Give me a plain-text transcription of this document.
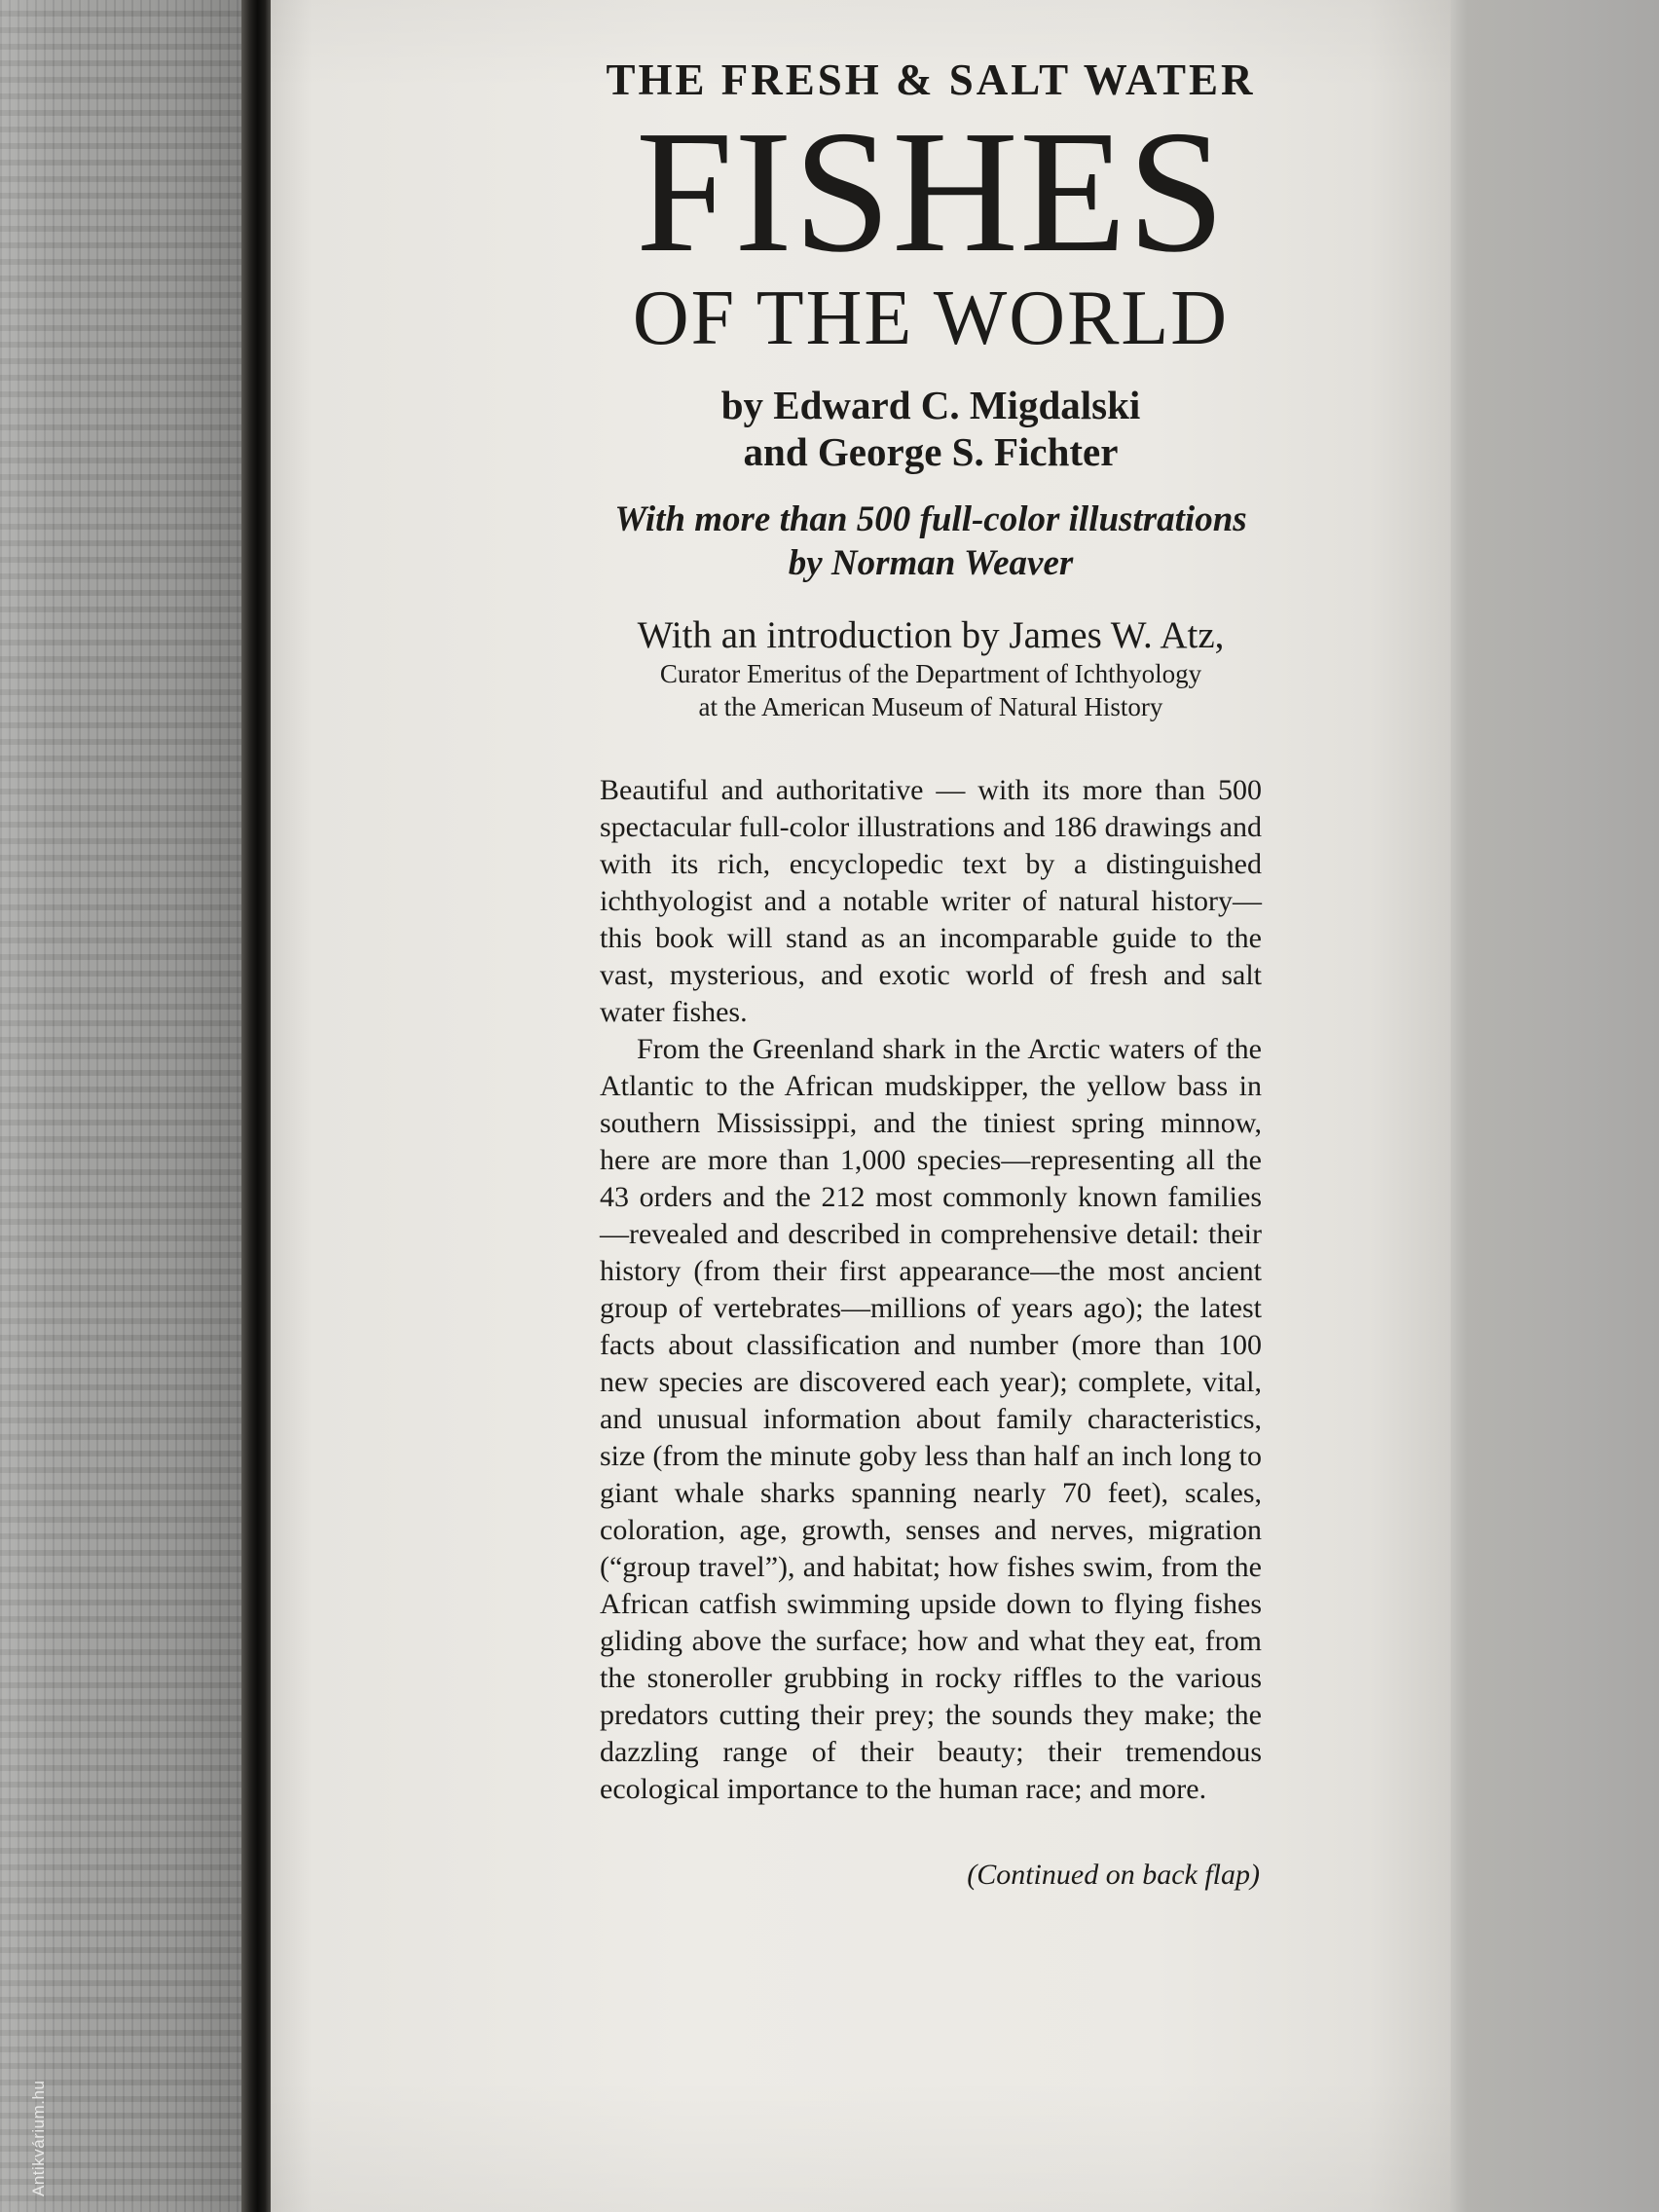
THE FRESH & SALT WATER
FISHES
OF THE WORLD
by Edward C. Migdalski
and George S. Fichter
With more than 500 full-color illustrations
by Norman Weaver
With an introduction by James W. Atz,
Curator Emeritus of the Department of Ichthyology
at the American Museum of Natural History

Beautiful and authoritative — with its more than 500 spectacular full-color illustrations and 186 drawings and with its rich, encyclopedic text by a distinguished ichthyologist and a notable writer of natural history—this book will stand as an incomparable guide to the vast, mysterious, and exotic world of fresh and salt water fishes.

From the Greenland shark in the Arctic waters of the Atlantic to the African mudskipper, the yellow bass in southern Mississippi, and the tiniest spring minnow, here are more than 1,000 species—representing all the 43 orders and the 212 most commonly known families—revealed and described in comprehensive detail: their history (from their first appearance—the most ancient group of vertebrates—millions of years ago); the latest facts about classification and number (more than 100 new species are discovered each year); complete, vital, and unusual information about family characteristics, size (from the minute goby less than half an inch long to giant whale sharks spanning nearly 70 feet), scales, coloration, age, growth, senses and nerves, migration (“group travel”), and habitat; how fishes swim, from the African catfish swimming upside down to flying fishes gliding above the surface; how and what they eat, from the stoneroller grubbing in rocky riffles to the various predators cutting their prey; the sounds they make; the dazzling range of their beauty; their tremendous ecological importance to the human race; and more.

(Continued on back flap)
Antikvárium.hu
